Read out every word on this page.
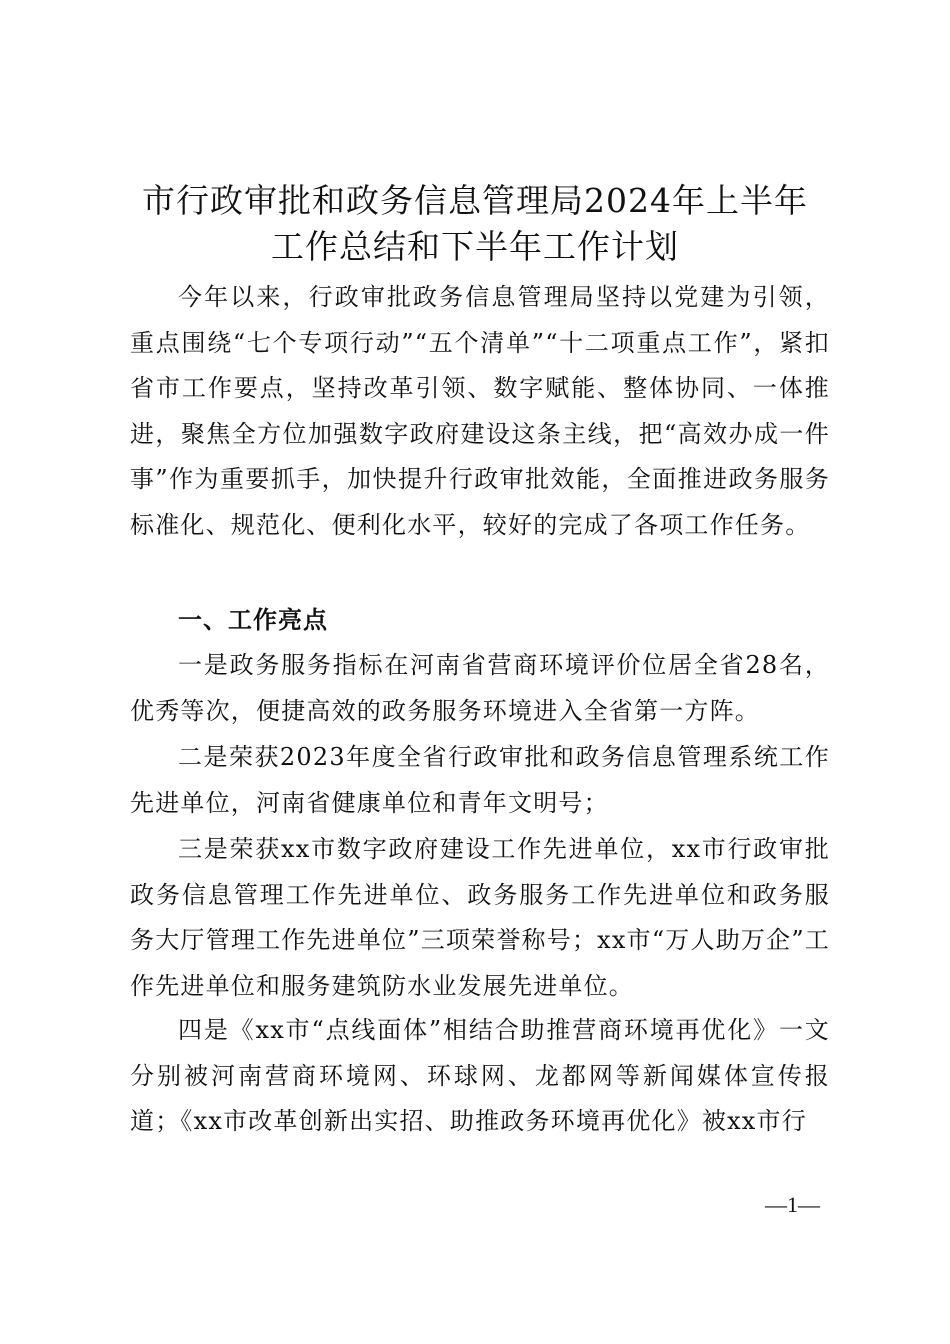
市行政审批和政务信息管理局2024年上半年
工作总结和下半年工作计划

今年以来，行政审批政务信息管理局坚持以党建为引领，重点围绕“七个专项行动”“五个清单”“十二项重点工作”，紧扣省市工作要点，坚持改革引领、数字赋能、整体协同、一体推进，聚焦全方位加强数字政府建设这条主线，把“高效办成一件事”作为重要抓手，加快提升行政审批效能，全面推进政务服务标准化、规范化、便利化水平，较好的完成了各项工作任务。

一、工作亮点

一是政务服务指标在河南省营商环境评价位居全省28名，优秀等次，便捷高效的政务服务环境进入全省第一方阵。

二是荣获2023年度全省行政审批和政务信息管理系统工作先进单位，河南省健康单位和青年文明号；

三是荣获xx市数字政府建设工作先进单位，xx市行政审批政务信息管理工作先进单位、政务服务工作先进单位和政务服务大厅管理工作先进单位”三项荣誉称号；xx市“万人助万企”工作先进单位和服务建筑防水业发展先进单位。

四是《xx市“点线面体”相结合助推营商环境再优化》一文分别被河南营商环境网、环球网、龙都网等新闻媒体宣传报道；《xx市改革创新出实招、助推政务环境再优化》被xx市行

—1—
